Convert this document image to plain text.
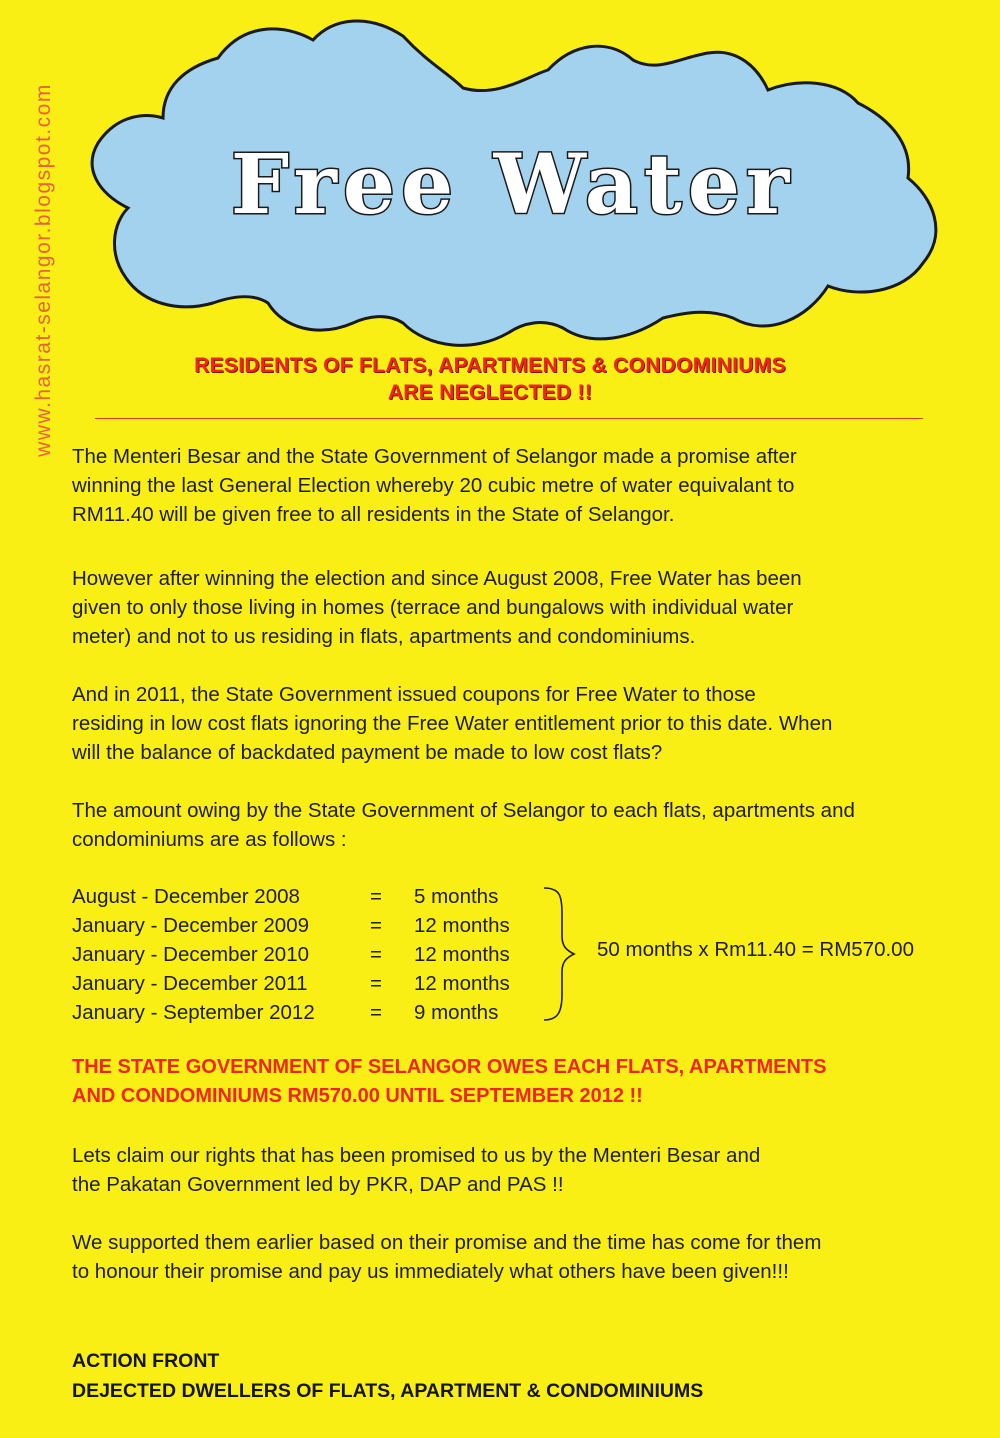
www.hasrat-selangor.blogspot.com Free Water
RESIDENTS OF FLATS, APARTMENTS & CONDOMINIUMS
ARE NEGLECTED !!
The Menteri Besar and the State Government of Selangor made a promise after
winning the last General Election whereby 20 cubic metre of water equivalant to
RM11.40 will be given free to all residents in the State of Selangor.
However after winning the election and since August 2008, Free Water has been
given to only those living in homes (terrace and bungalows with individual water
meter) and not to us residing in flats, apartments and condominiums.
And in 2011, the State Government issued coupons for Free Water to those
residing in low cost flats ignoring the Free Water entitlement prior to this date. When
will the balance of backdated payment be made to low cost flats?
The amount owing by the State Government of Selangor to each flats, apartments and
condominiums are as follows :
August - December 2008	= 5 months
January - December 2009	= 12 months
January - December 2010	= 12 months
January - December 2011	= 12 months
January - September 2012	= 9 months
50 months x Rm11.40 = RM570.00
THE STATE GOVERNMENT OF SELANGOR OWES EACH FLATS, APARTMENTS
AND CONDOMINIUMS RM570.00 UNTIL SEPTEMBER 2012 !!
Lets claim our rights that has been promised to us by the Menteri Besar and
the Pakatan Government led by PKR, DAP and PAS !!
We supported them earlier based on their promise and the time has come for them
to honour their promise and pay us immediately what others have been given!!!
ACTION FRONT
DEJECTED DWELLERS OF FLATS, APARTMENT & CONDOMINIUMS
